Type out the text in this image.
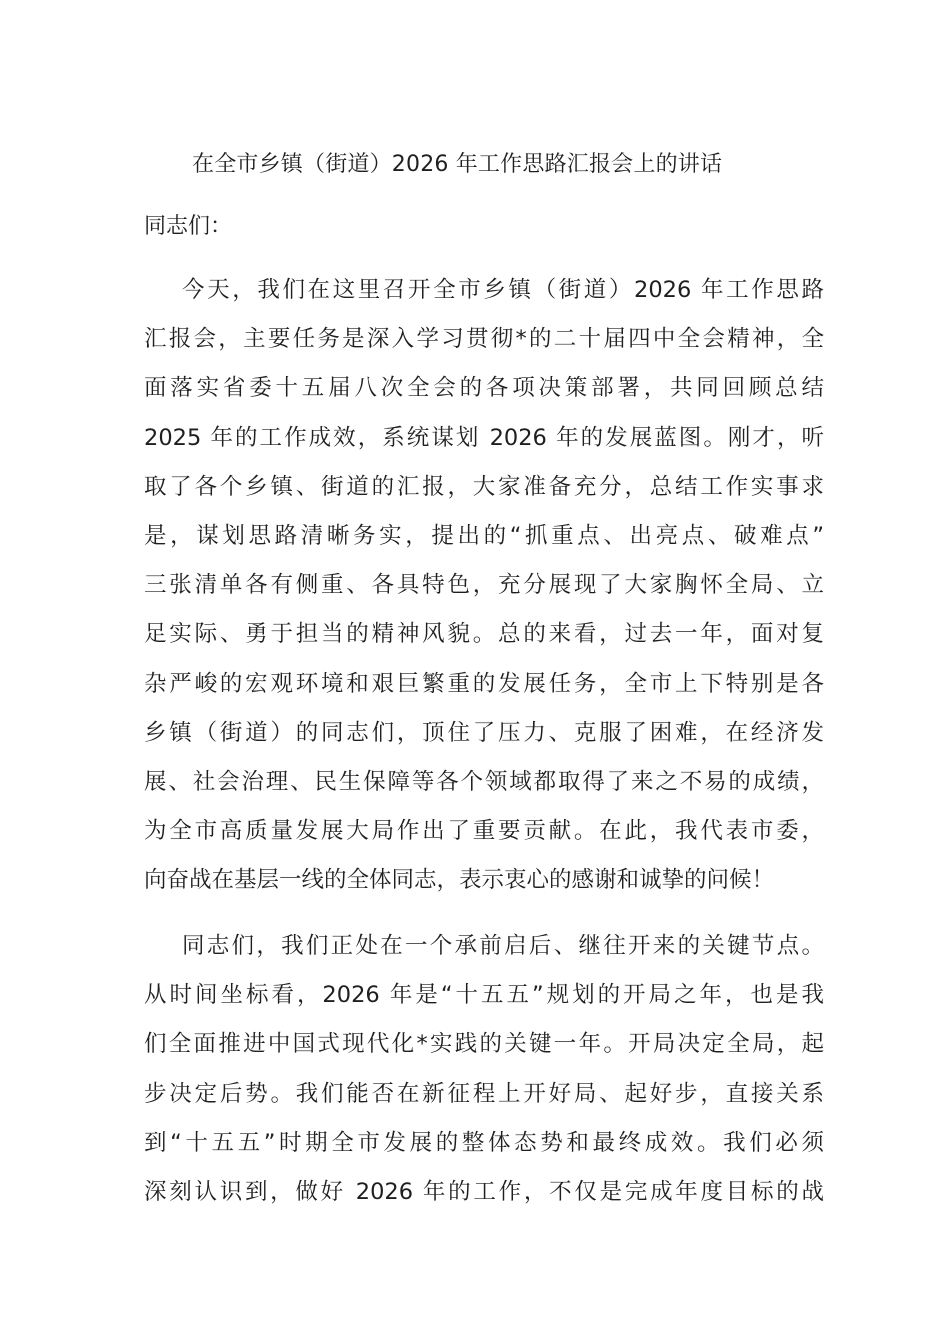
在全市乡镇（街道）2026 年工作思路汇报会上的讲话
同志们：
今天，我们在这里召开全市乡镇（街道）2026 年工作思路
汇报会，主要任务是深入学习贯彻*的二十届四中全会精神，全
面落实省委十五届八次全会的各项决策部署，共同回顾总结
2025 年的工作成效，系统谋划 2026 年的发展蓝图。刚才，听
取了各个乡镇、街道的汇报，大家准备充分，总结工作实事求
是，谋划思路清晰务实，提出的“抓重点、出亮点、破难点”
三张清单各有侧重、各具特色，充分展现了大家胸怀全局、立
足实际、勇于担当的精神风貌。总的来看，过去一年，面对复
杂严峻的宏观环境和艰巨繁重的发展任务，全市上下特别是各
乡镇（街道）的同志们，顶住了压力、克服了困难，在经济发
展、社会治理、民生保障等各个领域都取得了来之不易的成绩，
为全市高质量发展大局作出了重要贡献。在此，我代表市委，
向奋战在基层一线的全体同志，表示衷心的感谢和诚挚的问候！
同志们，我们正处在一个承前启后、继往开来的关键节点。
从时间坐标看，2026 年是“十五五”规划的开局之年，也是我
们全面推进中国式现代化*实践的关键一年。开局决定全局，起
步决定后势。我们能否在新征程上开好局、起好步，直接关系
到“十五五”时期全市发展的整体态势和最终成效。我们必须
深刻认识到，做好 2026 年的工作，不仅是完成年度目标的战
